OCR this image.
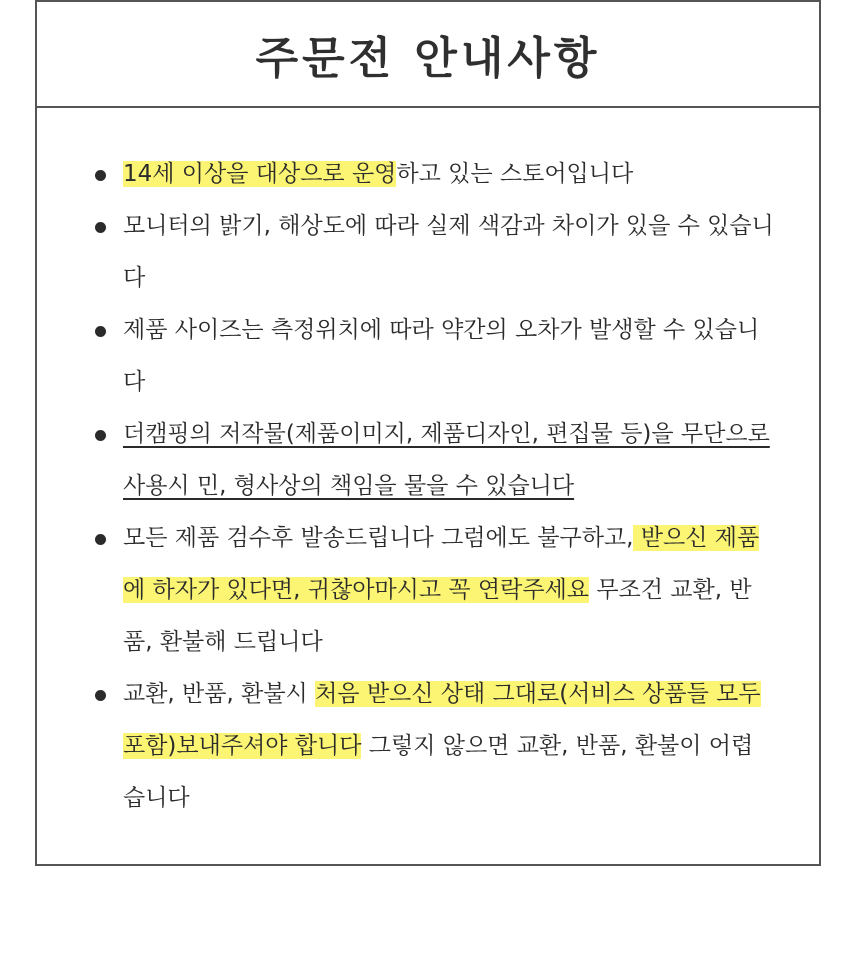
주문전 안내사항
14세 이상을 대상으로 운영하고 있는 스토어입니다
모니터의 밝기, 해상도에 따라 실제 색감과 차이가 있을 수 있습니다
제품 사이즈는 측정위치에 따라 약간의 오차가 발생할 수 있습니다
더캠핑의 저작물(제품이미지, 제품디자인, 편집물 등)을 무단으로 사용시 민, 형사상의 책임을 물을 수 있습니다
모든 제품 검수후 발송드립니다 그럼에도 불구하고, 받으신 제품에 하자가 있다면, 귀찮아마시고 꼭 연락주세요 무조건 교환, 반품, 환불해 드립니다
교환, 반품, 환불시 처음 받으신 상태 그대로(서비스 상품들 모두 포함)보내주셔야 합니다 그렇지 않으면 교환, 반품, 환불이 어렵습니다
